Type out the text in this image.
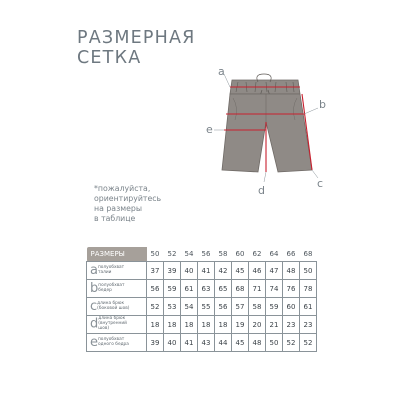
РАЗМЕРНАЯ
СЕТКА
a
b
e
d
c
*пожалуйста,
ориентируйтесь
на размеры
в таблице
РАЗМЕРЫ	50	52	54	56	58	60	62	64	66	68
a полуобхват
талии	37	39	40	41	42	45	46	47	48	50
b полуобхват
бедер	56	59	61	63	65	68	71	74	76	78
c длина брюк
(боковой шов)	52	53	54	55	56	57	58	59	60	61
d длина брюк
(внутренний шов)	18	18	18	18	18	19	20	21	23	23
e полуобхват
одного бедра	39	40	41	43	44	45	48	50	52	52
